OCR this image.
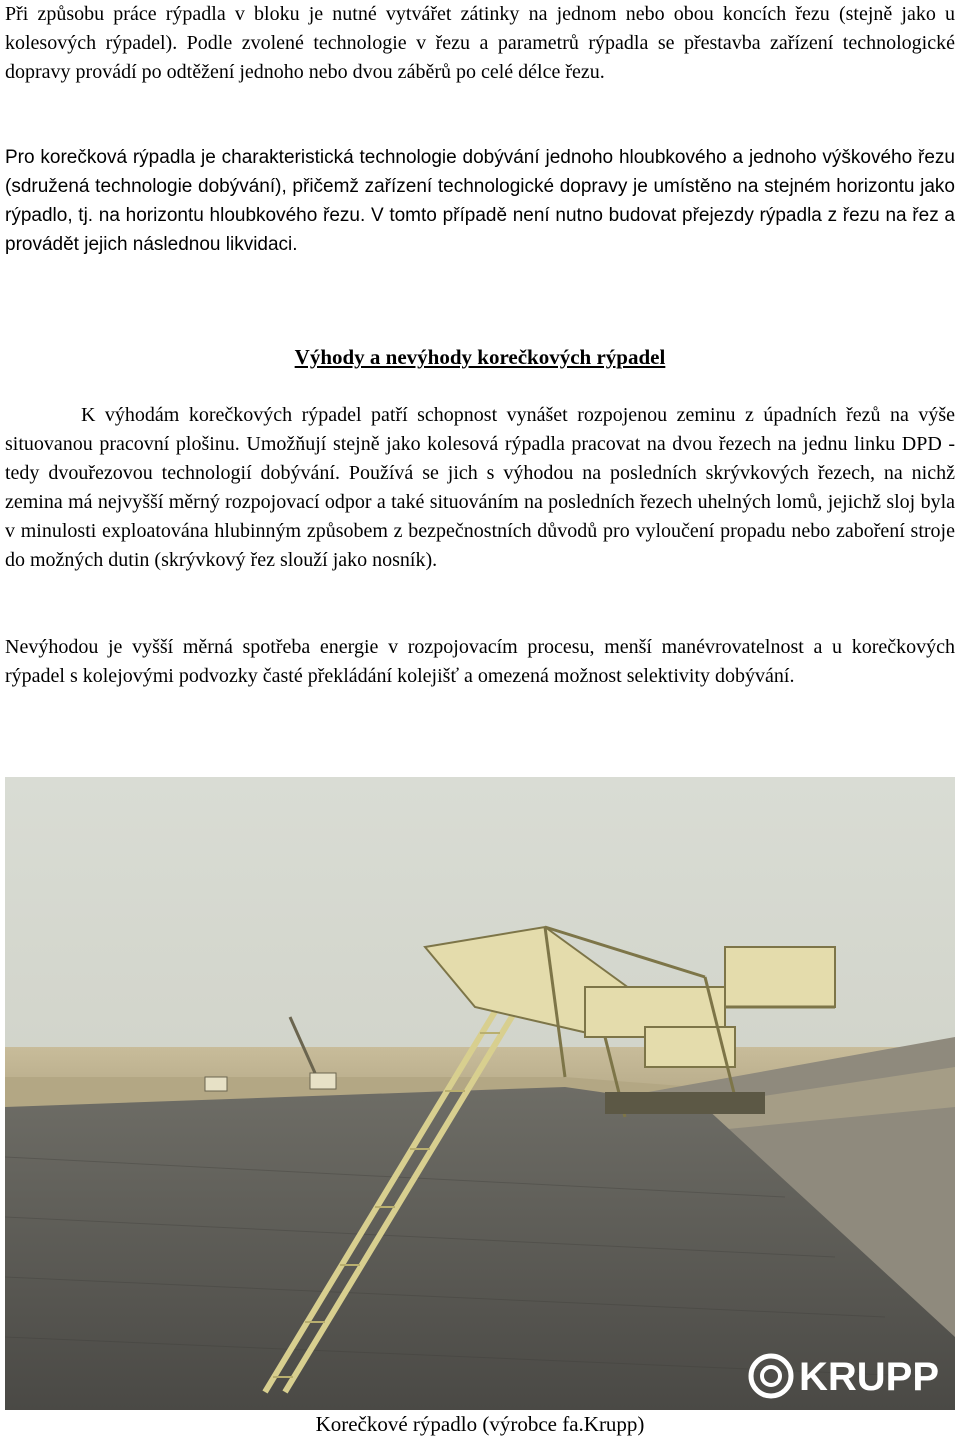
Při způsobu práce rýpadla v bloku je nutné vytvářet zátinky na jednom nebo obou koncích řezu (stejně jako u kolesových rýpadel). Podle zvolené technologie v řezu a parametrů rýpadla se přestavba zařízení technologické dopravy provádí po odtěžení jednoho nebo dvou záběrů po celé délce řezu.

Pro korečková rýpadla je charakteristická technologie dobývání jednoho hloubkového a jednoho výškového řezu (sdružená technologie dobývání), přičemž zařízení technologické dopravy je umístěno na stejném horizontu jako rýpadlo, tj. na horizontu hloubkového řezu. V tomto případě není nutno budovat přejezdy rýpadla z řezu na řez a provádět jejich následnou likvidaci.

Výhody a nevýhody korečkových rýpadel

K výhodám korečkových rýpadel patří schopnost vynášet rozpojenou zeminu z úpadních řezů na výše situovanou pracovní plošinu. Umožňují stejně jako kolesová rýpadla pracovat na dvou řezech na jednu linku DPD - tedy dvouřezovou technologií dobývání. Používá se jich s výhodou na posledních skrývkových řezech, na nichž zemina má nejvyšší měrný rozpojovací odpor a také situováním na posledních řezech uhelných lomů, jejichž sloj byla v minulosti exploatována hlubinným způsobem z bezpečnostních důvodů pro vyloučení propadu nebo zaboření stroje do možných dutin (skrývkový řez slouží jako nosník).

Nevýhodou je vyšší měrná spotřeba energie v rozpojovacím procesu, menší manévrovatelnost a u korečkových rýpadel s kolejovými podvozky časté překládání kolejišť a omezená možnost selektivity dobývání.

KRUPP

Korečkové rýpadlo (výrobce fa.Krupp)
